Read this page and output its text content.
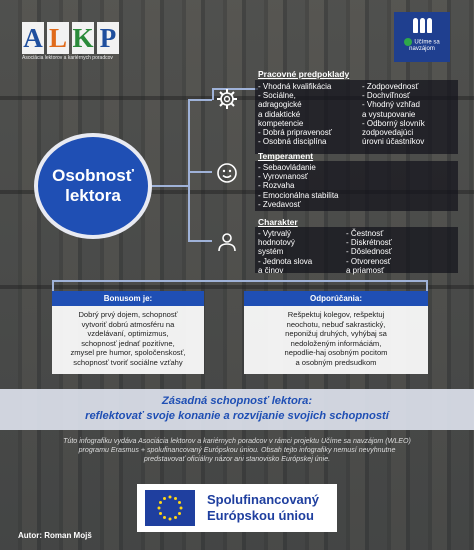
A L K P
Asociácia lektorov a kariérnych poradcov
Učíme sa
navzájom
Osobnosť
lektora
Pracovné predpoklady
- Vhodná kvalifikácia
- Sociálne,
adragogické
a didaktické
kompetencie
- Dobrá pripravenosť
- Osobná disciplína
- Zodpovednosť
- Dochvíľnosť
- Vhodný vzhľad
a vystupovanie
- Odborný slovník
zodpovedajúci
úrovni účastníkov
Temperament
- Sebaovládanie
- Vyrovnanosť
- Rozvaha
- Emocionálna stabilita
- Zvedavosť
Charakter
- Vytrvalý
hodnotový
systém
- Jednota slova
a činov
- Čestnosť
- Diskrétnosť
- Dôslednosť
- Otvorenosť
a priamosť
Bonusom je:
Dobrý prvý dojem, schopnosť
vytvoriť dobrú atmosféru na
vzdelávaní, optimizmus,
schopnosť jednať pozitívne,
zmysel pre humor, spoločenskosť,
schopnosť tvoriť sociálne vzťahy
Odporúčania:
Rešpektuj kolegov, rešpektuj
neochotu, nebuď sakrastický,
neponižuj druhých, vyhýbaj sa
nedoloženým informáciám,
nepodlie-haj osobným pocitom
a osobným predsudkom
Zásadná schopnosť lektora:
reflektovať svoje konanie a rozvíjanie svojich schopností
Túto infografiku vydáva Asociácia lektorov a kariérnych poradcov v rámci projektu Učíme sa navzájom (WLEO)
programu Erasmus + spolufinancovaný Európskou úniou. Obsah tejto infografiky nemusí nevyhnutne
predstavovať oficiálny názor ani stanovisko Európskej únie.
Spolufinancovaný
Európskou úniou
Autor: Roman Mojš
